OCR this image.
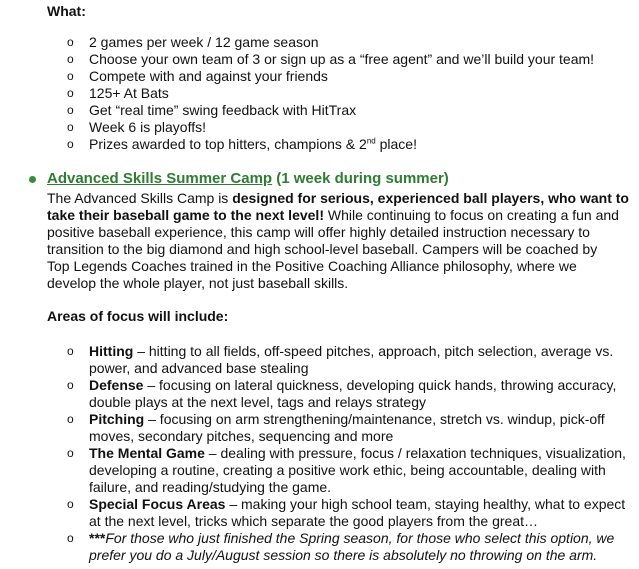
What:
o 2 games per week / 12 game season
o Choose your own team of 3 or sign up as a “free agent” and we’ll build your team!
o Compete with and against your friends
o 125+ At Bats
o Get “real time” swing feedback with HitTrax
o Week 6 is playoffs!
o Prizes awarded to top hitters, champions & 2nd place!
Advanced Skills Summer Camp (1 week during summer)
The Advanced Skills Camp is designed for serious, experienced ball players, who want to
take their baseball game to the next level! While continuing to focus on creating a fun and
positive baseball experience, this camp will offer highly detailed instruction necessary to
transition to the big diamond and high school-level baseball. Campers will be coached by
Top Legends Coaches trained in the Positive Coaching Alliance philosophy, where we
develop the whole player, not just baseball skills.
Areas of focus will include:
o Hitting – hitting to all fields, off-speed pitches, approach, pitch selection, average vs.
power, and advanced base stealing
o Defense – focusing on lateral quickness, developing quick hands, throwing accuracy,
double plays at the next level, tags and relays strategy
o Pitching – focusing on arm strengthening/maintenance, stretch vs. windup, pick-off
moves, secondary pitches, sequencing and more
o The Mental Game – dealing with pressure, focus / relaxation techniques, visualization,
developing a routine, creating a positive work ethic, being accountable, dealing with
failure, and reading/studying the game.
o Special Focus Areas – making your high school team, staying healthy, what to expect
at the next level, tricks which separate the good players from the great…
o ***For those who just finished the Spring season, for those who select this option, we
prefer you do a July/August session so there is absolutely no throwing on the arm.
